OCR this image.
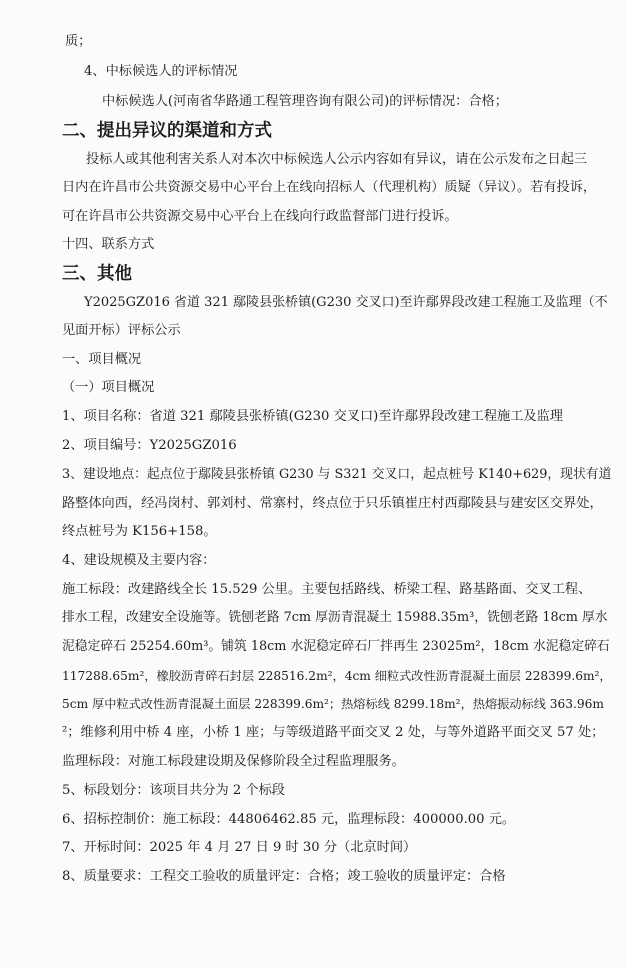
质；
4、中标候选人的评标情况
中标候选人(河南省华路通工程管理咨询有限公司)的评标情况：合格；
二、提出异议的渠道和方式
投标人或其他利害关系人对本次中标候选人公示内容如有异议，请在公示发布之日起三
日内在许昌市公共资源交易中心平台上在线向招标人（代理机构）质疑（异议）。若有投诉，
可在许昌市公共资源交易中心平台上在线向行政监督部门进行投诉。
十四、联系方式
三、其他
Y2025GZ016 省道 321 鄢陵县张桥镇(G230 交叉口)至许鄢界段改建工程施工及监理（不
见面开标）评标公示
一、项目概况
（一）项目概况
1、项目名称：省道 321 鄢陵县张桥镇(G230 交叉口)至许鄢界段改建工程施工及监理
2、项目编号：Y2025GZ016
3、建设地点：起点位于鄢陵县张桥镇 G230 与 S321 交叉口，起点桩号 K140+629，现状有道
路整体向西，经冯岗村、郭刘村、常寨村，终点位于只乐镇崔庄村西鄢陵县与建安区交界处，
终点桩号为 K156+158。
4、建设规模及主要内容：
施工标段：改建路线全长 15.529 公里。主要包括路线、桥梁工程、路基路面、交叉工程、
排水工程，改建安全设施等。铣刨老路 7cm 厚沥青混凝土 15988.35m³，铣刨老路 18cm 厚水
泥稳定碎石 25254.60m³。铺筑 18cm 水泥稳定碎石厂拌再生 23025m²，18cm 水泥稳定碎石
117288.65m²，橡胶沥青碎石封层 228516.2m²，4cm 细粒式改性沥青混凝土面层 228399.6m²，
5cm 厚中粒式改性沥青混凝土面层 228399.6m²；热熔标线 8299.18m²，热熔振动标线 363.96m
²；维修利用中桥 4 座，小桥 1 座；与等级道路平面交叉 2 处，与等外道路平面交叉 57 处；
监理标段：对施工标段建设期及保修阶段全过程监理服务。
5、标段划分：该项目共分为 2 个标段
6、招标控制价：施工标段：44806462.85 元，监理标段：400000.00 元。
7、开标时间：2025 年 4 月 27 日 9 时 30 分（北京时间）
8、质量要求：工程交工验收的质量评定：合格；竣工验收的质量评定：合格
